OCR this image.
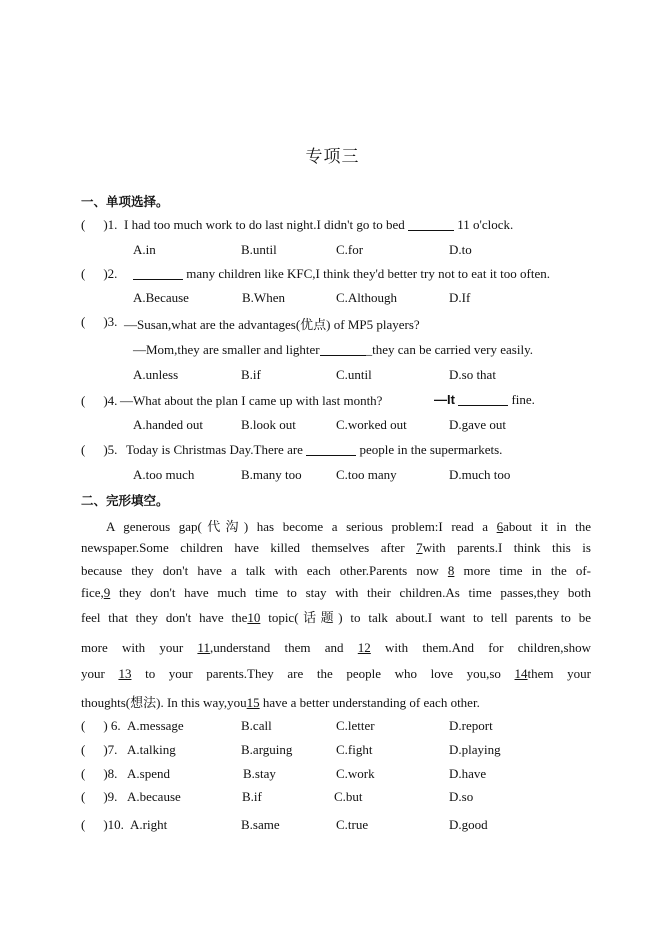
专项三
一、单项选择。
( )1. I had too much work to do last night.I didn't go to bed	11 o'clock.
A.in	B.until	C.for	D.to
( )2.	many children like KFC,I think they'd better try not to eat it too often.
A.Because	B.When	C.Although	D.If
( )3. —Susan,what are the advantages(优点) of MP5 players?
—Mom,they are smaller and lighter	_they can be carried very easily.
A.unless	B.if	C.until	D.so that
( )4. —What about the plan I came up with last month?	—It	fine.
A.handed out	B.look out	C.worked out	D.gave out
( )5. Today is Christmas Day.There are	people in the supermarkets.
A.too much	B.many too	C.too many	D.much too
二、完形填空。
A generous gap(代沟) has become a serious problem:I read a 6about it in the
newspaper.Some children have killed themselves after 7with parents.I think this is
because they don't have a talk with each other.Parents now 8 more time in the of-
fice,9 they don't have much time to stay with their children.As time passes,they both
feel that they don't have the10 topic(话题) to talk about.I want to tell parents to be
more with your 11,understand them and 12 with them.And for children,show
your 13 to your parents.They are the people who love you,so 14them your
thoughts(想法). In this way,you15 have a better understanding of each other.
( ) 6. A.message	B.call	C.letter	D.report
( )7. A.talking	B.arguing	C.fight	D.playing
( )8. A.spend	B.stay	C.work	D.have
( )9. A.because	B.if	C.but	D.so
( )10. A.right	B.same	C.true	D.good
